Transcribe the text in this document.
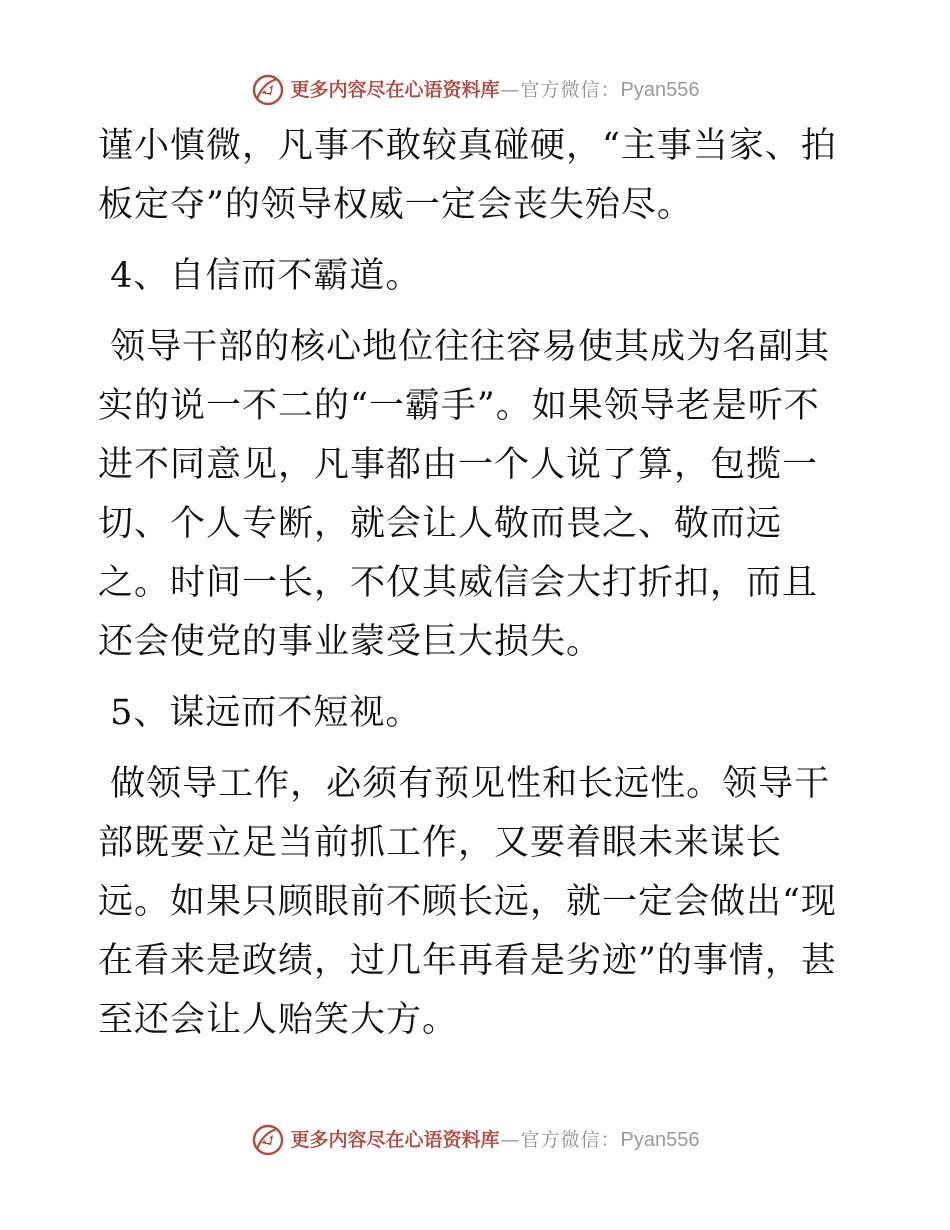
更多内容尽在心语资料库 — 官方微信： Pyan556

谨小慎微，凡事不敢较真碰硬，“主事当家、拍板定夺”的领导权威一定会丧失殆尽。

4、自信而不霸道。

领导干部的核心地位往往容易使其成为名副其实的说一不二的“一霸手”。如果领导老是听不进不同意见，凡事都由一个人说了算，包揽一切、个人专断，就会让人敬而畏之、敬而远之。时间一长，不仅其威信会大打折扣，而且还会使党的事业蒙受巨大损失。

5、谋远而不短视。

做领导工作，必须有预见性和长远性。领导干部既要立足当前抓工作，又要着眼未来谋长远。如果只顾眼前不顾长远，就一定会做出“现在看来是政绩，过几年再看是劣迹”的事情，甚至还会让人贻笑大方。

更多内容尽在心语资料库 — 官方微信： Pyan556
